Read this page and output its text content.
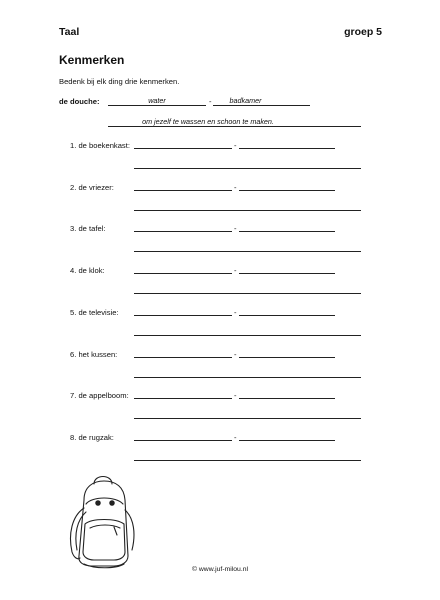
Taal	groep 5
Kenmerken
Bedenk bij elk ding drie kenmerken.
de douche:	water	-	badkamer
om jezelf te wassen en schoon te maken.
1. de boekenkast:	-
2. de vriezer:	-
3. de tafel:	-
4. de klok:	-
5. de televisie:	-
6. het kussen:	-
7. de appelboom:	-
8. de rugzak:	-
© www.juf-milou.nl
